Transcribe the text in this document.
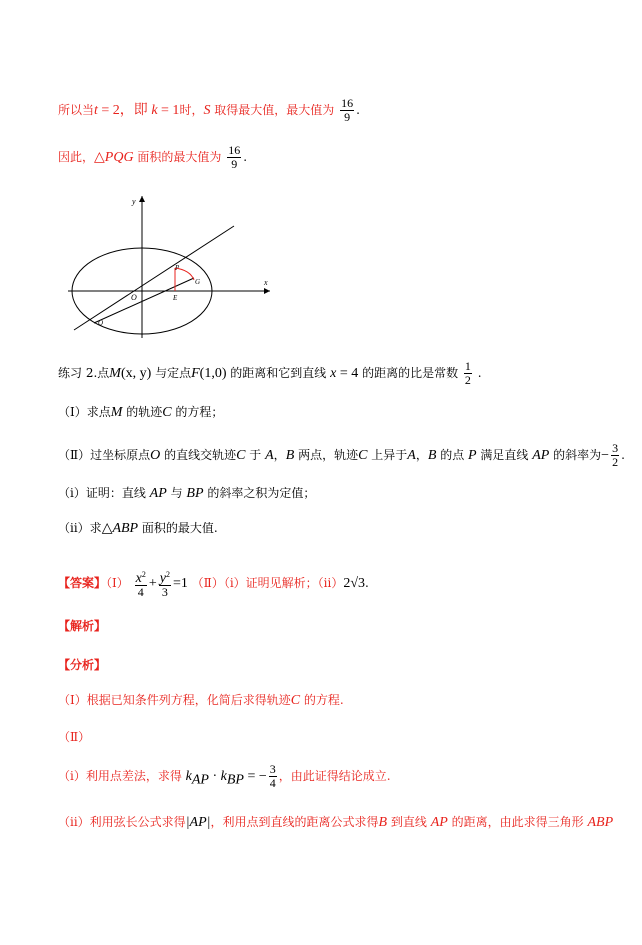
所以当t = 2，即 k = 1时，S 取得最大值，最大值为 $\frac{16}{9}$ .
因此，△PQG 面积的最大值为 $\frac{16}{9}$ .
y
x
O
P
G
E
Q
练习 2.点M(x, y) 与定点F(1,0) 的距离和它到直线 x = 4 的距离的比是常数 $\frac{1}{2}$ .
（Ⅰ）求点M 的轨迹C 的方程；
（Ⅱ）过坐标原点O 的直线交轨迹C 于 A，B 两点，轨迹C 上异于A，B 的点 P 满足直线 AP 的斜率为− $\frac{3}{2}$ .
（ⅰ）证明：直线 AP 与 BP 的斜率之积为定值；
（ⅱ）求△ABP 面积的最大值.
【答案】（Ⅰ） $\frac{x^2}{4} + \frac{y^2}{3} =1$ （Ⅱ）（ⅰ）证明见解析；（ⅱ）2√3.
【解析】
【分析】
（Ⅰ）根据已知条件列方程，化简后求得轨迹C 的方程.
（Ⅱ）
（ⅰ）利用点差法，求得 $k_{AP} \cdot k_{BP}$ = − $\frac{3}{4}$ ，由此证得结论成立.
（ⅱ）利用弦长公式求得|AP|，利用点到直线的距离公式求得B 到直线 AP 的距离，由此求得三角形 ABP
